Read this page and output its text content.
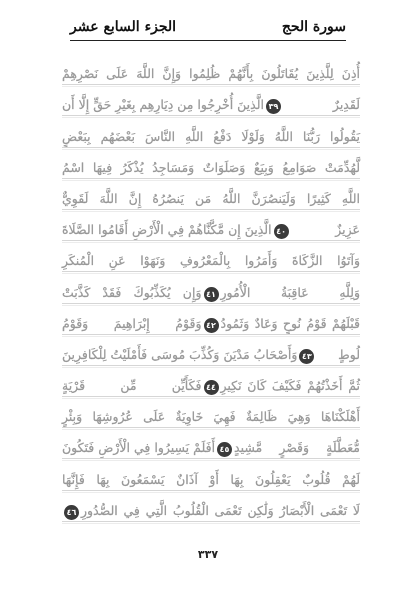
الجزء السابع عشر	سورة الحج
أُذِنَ لِلَّذِينَ يُقَاتَلُونَ بِأَنَّهُمْ ظُلِمُوا وَإِنَّ اللَّهَ عَلَى نَصْرِهِمْ
لَقَدِيرٌ
٣٩
الَّذِينَ أُخْرِجُوا مِن دِيَارِهِم بِغَيْرِ حَقٍّ إِلَّا أَن
يَقُولُوا رَبُّنَا اللَّهُ وَلَوْلَا دَفْعُ اللَّهِ النَّاسَ بَعْضَهُم بِبَعْضٍ
لَّهُدِّمَتْ صَوَامِعُ وَبِيَعٌ وَصَلَوَاتٌ وَمَسَاجِدُ يُذْكَرُ فِيهَا اسْمُ
اللَّهِ كَثِيرًا وَلَيَنصُرَنَّ اللَّهُ مَن يَنصُرُهُ إِنَّ اللَّهَ لَقَوِيٌّ
عَزِيزٌ
٤٠
الَّذِينَ إِن مَّكَّنَّاهُمْ فِي الْأَرْضِ أَقَامُوا الصَّلَاةَ
وَآتَوُا الزَّكَاةَ وَأَمَرُوا بِالْمَعْرُوفِ وَنَهَوْا عَنِ الْمُنكَرِ
وَلِلَّهِ عَاقِبَةُ الْأُمُورِ
٤١
وَإِن يُكَذِّبُوكَ فَقَدْ كَذَّبَتْ
قَبْلَهُمْ قَوْمُ نُوحٍ وَعَادٌ وَثَمُودُ
٤٢
وَقَوْمُ إِبْرَاهِيمَ وَقَوْمُ
لُوطٍ
٤٣
وَأَصْحَابُ مَدْيَنَ وَكُذِّبَ مُوسَى فَأَمْلَيْتُ لِلْكَافِرِينَ
ثُمَّ أَخَذْتُهُمْ فَكَيْفَ كَانَ نَكِيرِ
٤٤
فَكَأَيِّن مِّن قَرْيَةٍ
أَهْلَكْنَاهَا وَهِيَ ظَالِمَةٌ فَهِيَ خَاوِيَةٌ عَلَى عُرُوشِهَا وَبِئْرٍ
مُّعَطَّلَةٍ وَقَصْرٍ مَّشِيدٍ
٤٥
أَفَلَمْ يَسِيرُوا فِي الْأَرْضِ فَتَكُونَ
لَهُمْ قُلُوبٌ يَعْقِلُونَ بِهَا أَوْ آذَانٌ يَسْمَعُونَ بِهَا فَإِنَّهَا
لَا تَعْمَى الْأَبْصَارُ وَلَٰكِن تَعْمَى الْقُلُوبُ الَّتِي فِي الصُّدُورِ
٤٦
٣٣٧
